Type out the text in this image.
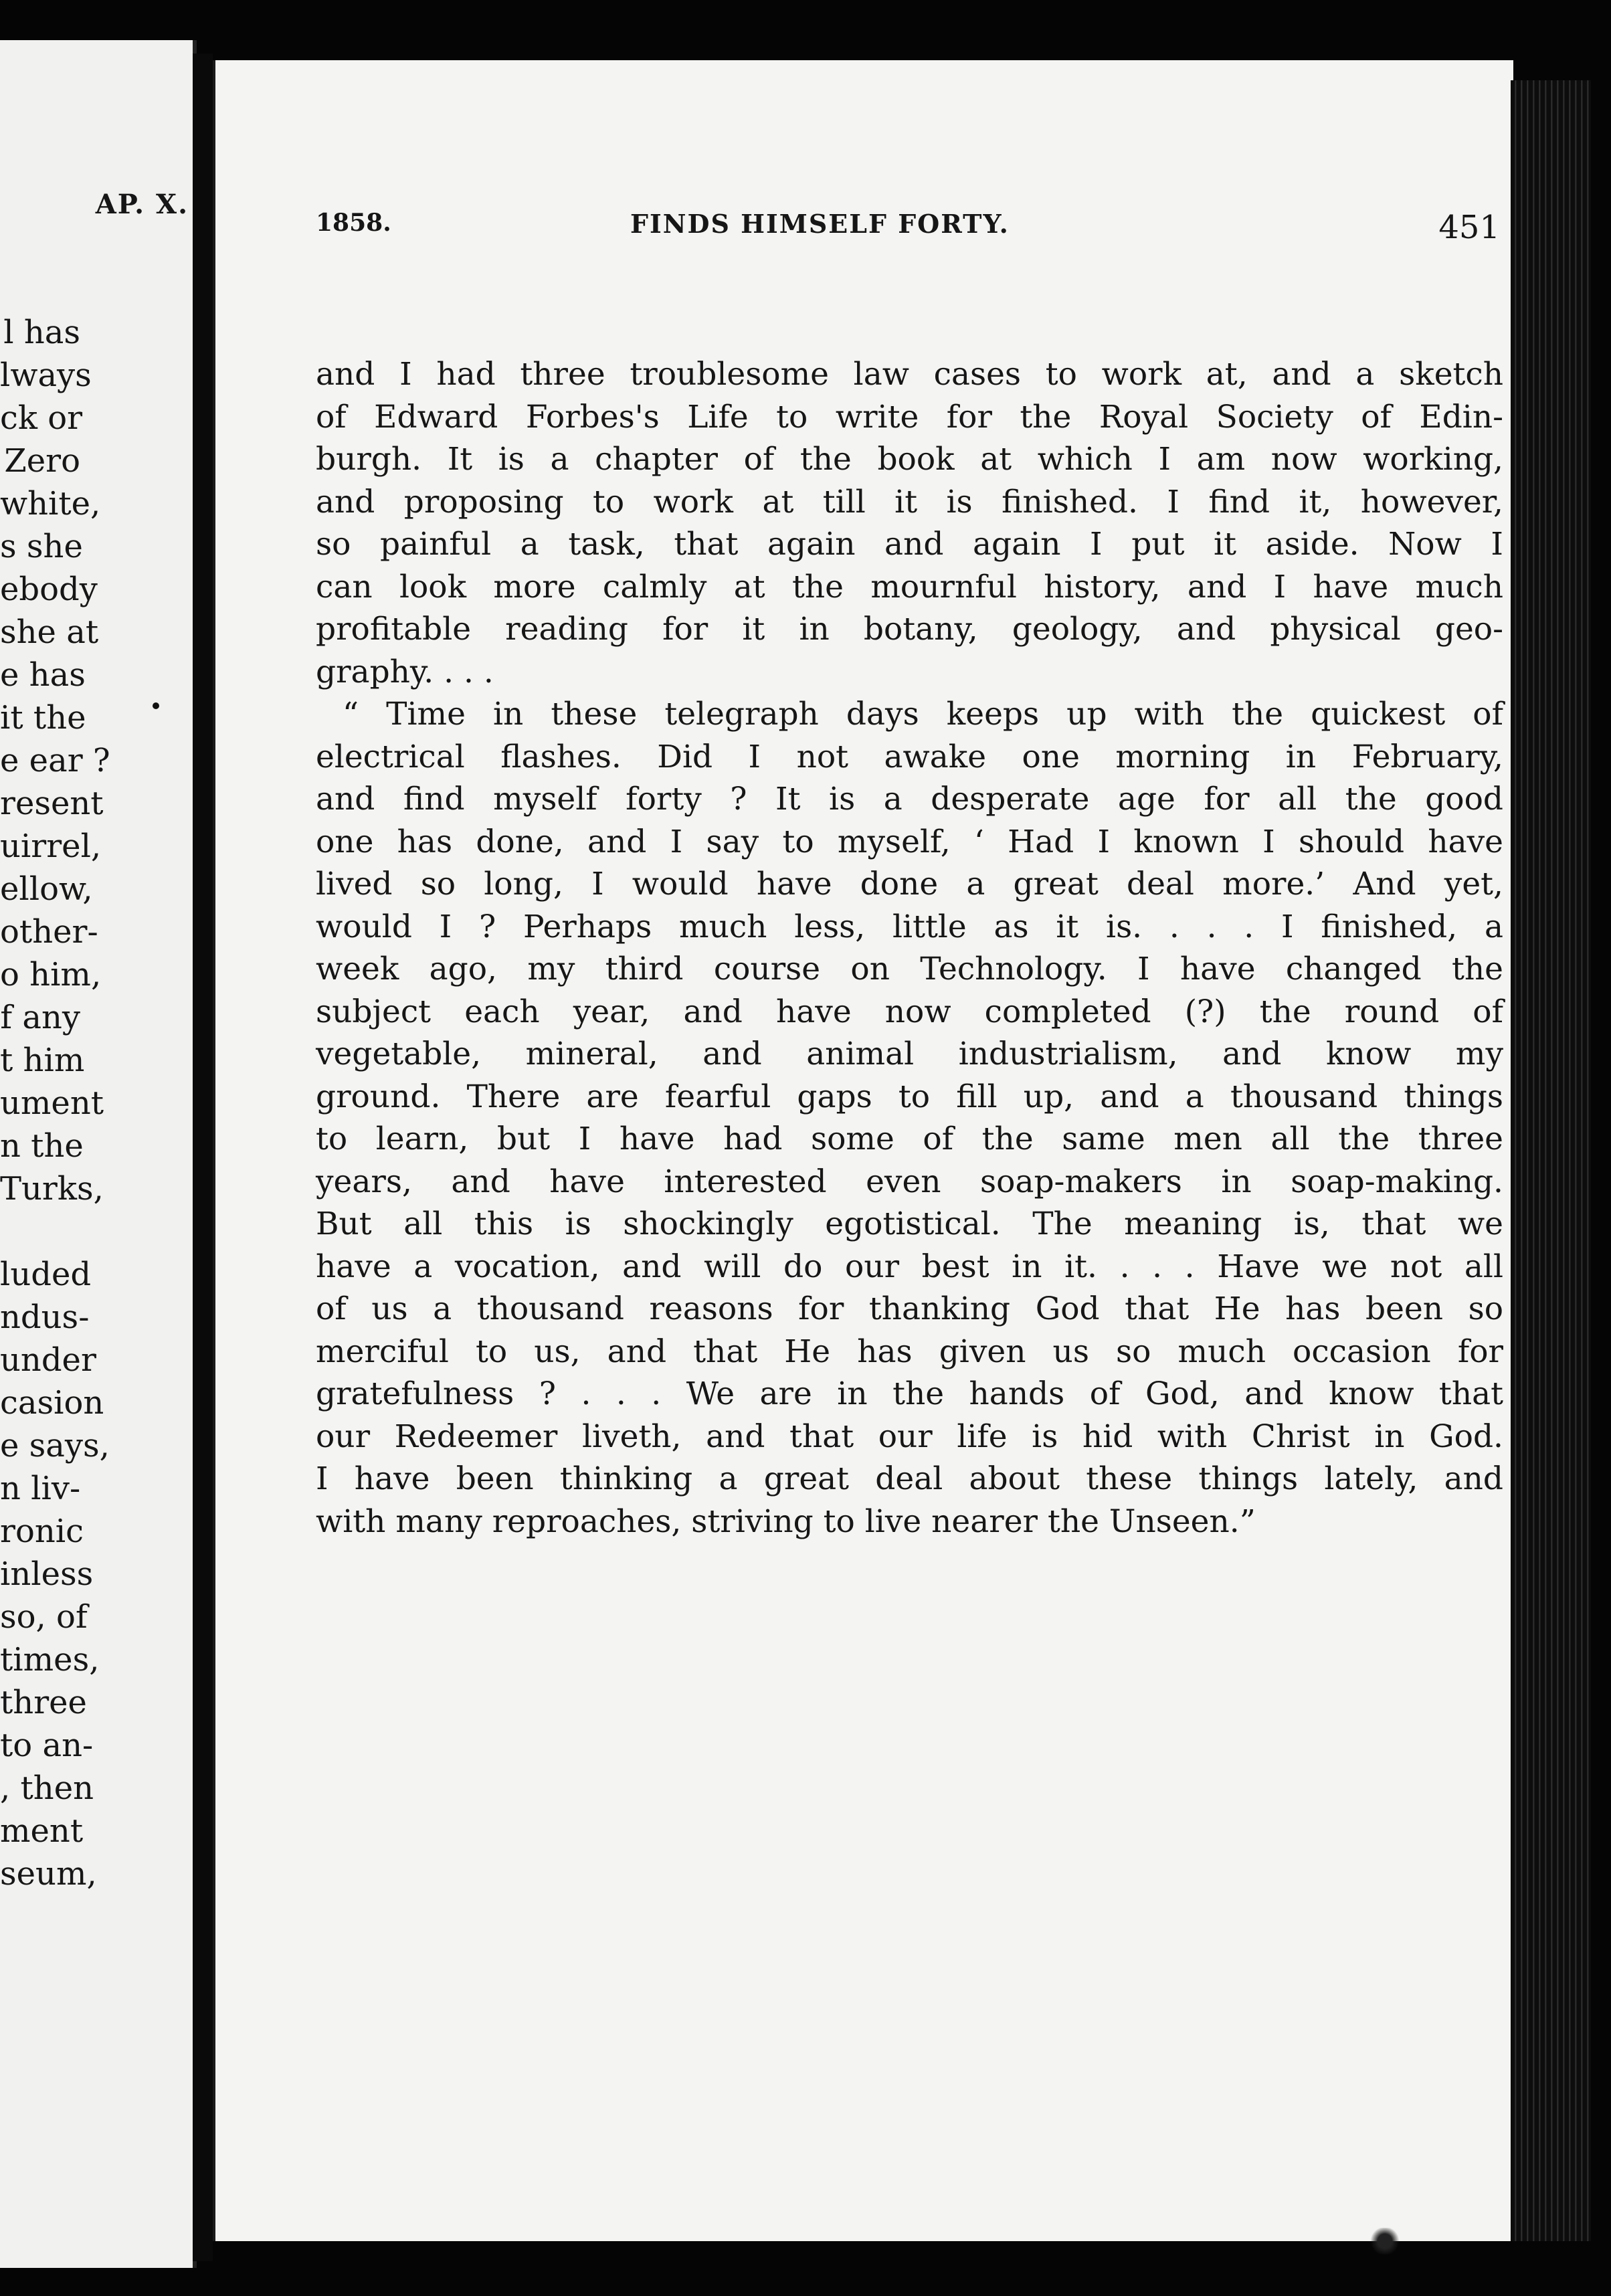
AP. X.
l has
lways
ck or
Zero
white,
s she
ebody
she at
e has
it the
e ear ?
resent
uirrel,
ellow,
other-
o him,
f any
t him
ument
n the
Turks,
luded
ndus-
under
casion
e says,
n liv-
ronic
inless
so, of
times,
three
to an-
, then
ment
seum,
1858.	FINDS HIMSELF FORTY.	451
and I had three troublesome law cases to work at, and a sketch
of Edward Forbes's Life to write for the Royal Society of Edin-
burgh. It is a chapter of the book at which I am now working,
and proposing to work at till it is finished. I find it, however,
so painful a task, that again and again I put it aside. Now I
can look more calmly at the mournful history, and I have much
profitable reading for it in botany, geology, and physical geo-
graphy. . . .
“ Time in these telegraph days keeps up with the quickest of
electrical flashes. Did I not awake one morning in February,
and find myself forty ? It is a desperate age for all the good
one has done, and I say to myself, ‘ Had I known I should have
lived so long, I would have done a great deal more.’ And yet,
would I ? Perhaps much less, little as it is. . . . I finished, a
week ago, my third course on Technology. I have changed the
subject each year, and have now completed (?) the round of
vegetable, mineral, and animal industrialism, and know my
ground. There are fearful gaps to fill up, and a thousand things
to learn, but I have had some of the same men all the three
years, and have interested even soap-makers in soap-making.
But all this is shockingly egotistical. The meaning is, that we
have a vocation, and will do our best in it. . . . Have we not all
of us a thousand reasons for thanking God that He has been so
merciful to us, and that He has given us so much occasion for
gratefulness ? . . . We are in the hands of God, and know that
our Redeemer liveth, and that our life is hid with Christ in God.
I have been thinking a great deal about these things lately, and
with many reproaches, striving to live nearer the Unseen.”
